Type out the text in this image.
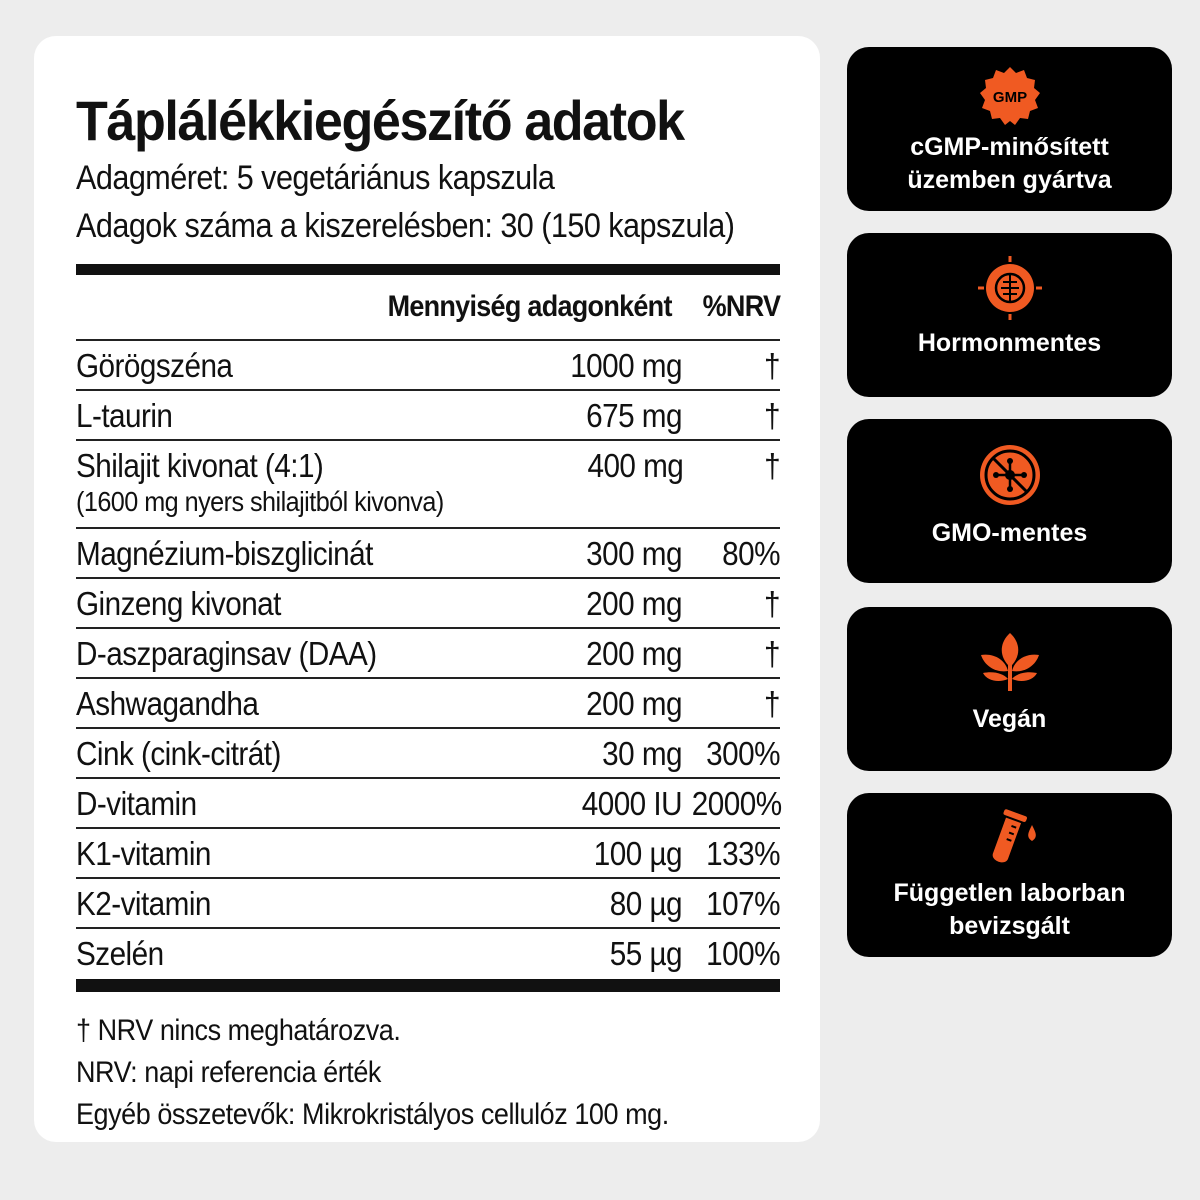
Táplálékkiegészítő adatok
Adagméret: 5 vegetáriánus kapszula
Adagok száma a kiszerelésben: 30 (150 kapszula)
Mennyiség adagonként %NRV
Görögszéna	1000 mg	†
L-taurin	675 mg	†
Shilajit kivonat (4:1)
(1600 mg nyers shilajitból kivonva)
400 mg	†
Magnézium-biszglicinát	300 mg	80%
Ginzeng kivonat	200 mg	†
D-aszparaginsav (DAA)	200 mg	†
Ashwagandha	200 mg	†
Cink (cink-citrát)	30 mg 300%
D-vitamin	4000 IU 2000%
K1-vitamin	100 µg 133%
K2-vitamin	80 µg 107%
Szelén	55 µg 100%
† NRV nincs meghatározva.
NRV: napi referencia érték
Egyéb összetevők: Mikrokristályos cellulóz 100 mg.
GMP
cGMP-minősített
üzemben gyártva
Hormonmentes
GMO-mentes
Vegán
Független laborban
bevizsgált
